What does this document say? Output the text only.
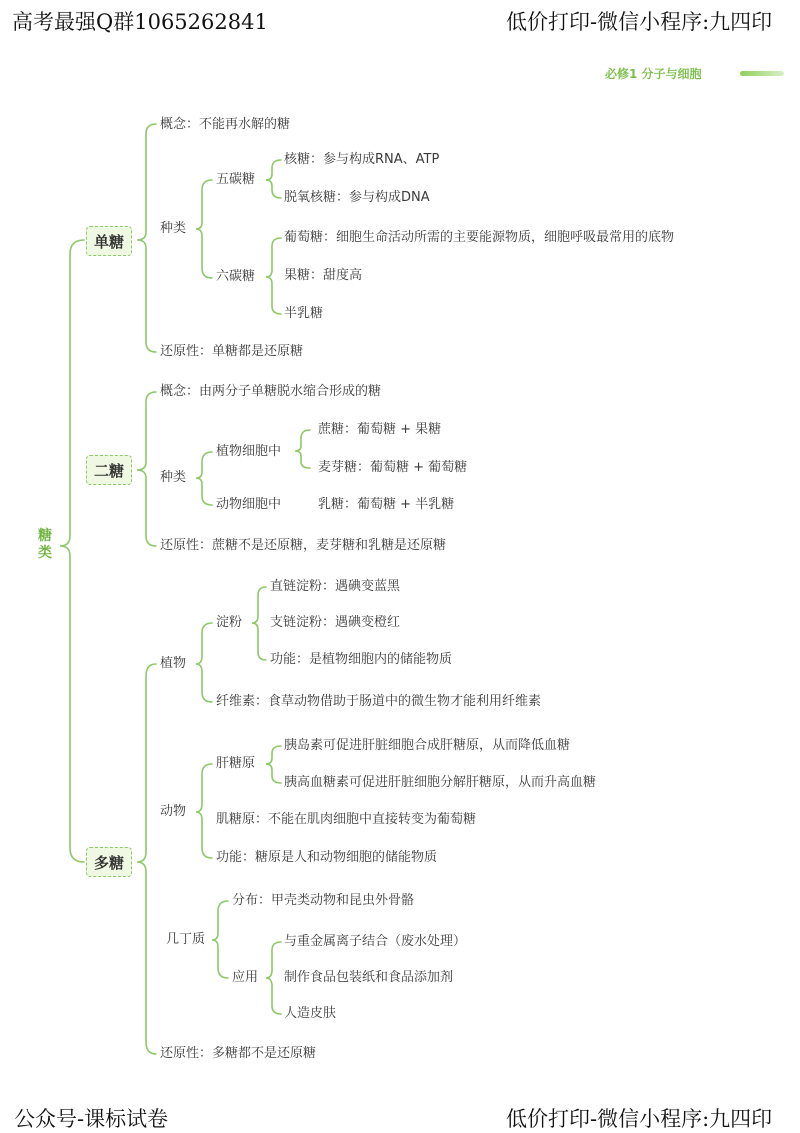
高考最强Q群1065262841	低价打印-微信小程序:九四印
公众号-课标试卷	低价打印-微信小程序:九四印
必修1 分子与细胞
糖类
单糖
二糖
多糖
概念：不能再水解的糖
种类
五碳糖
核糖：参与构成RNA、ATP
脱氧核糖：参与构成DNA
六碳糖
葡萄糖：细胞生命活动所需的主要能源物质，细胞呼吸最常用的底物
果糖：甜度高
半乳糖
还原性：单糖都是还原糖
概念：由两分子单糖脱水缩合形成的糖
种类
植物细胞中
蔗糖：葡萄糖 + 果糖
麦芽糖：葡萄糖 + 葡萄糖
动物细胞中	乳糖：葡萄糖 + 半乳糖
还原性：蔗糖不是还原糖，麦芽糖和乳糖是还原糖
植物
淀粉
直链淀粉：遇碘变蓝黑
支链淀粉：遇碘变橙红
功能：是植物细胞内的储能物质
纤维素：食草动物借助于肠道中的微生物才能利用纤维素
动物
肝糖原
胰岛素可促进肝脏细胞合成肝糖原，从而降低血糖
胰高血糖素可促进肝脏细胞分解肝糖原，从而升高血糖
肌糖原：不能在肌肉细胞中直接转变为葡萄糖
功能：糖原是人和动物细胞的储能物质
几丁质
分布：甲壳类动物和昆虫外骨骼
应用
与重金属离子结合（废水处理）
制作食品包装纸和食品添加剂
人造皮肤
还原性：多糖都不是还原糖
